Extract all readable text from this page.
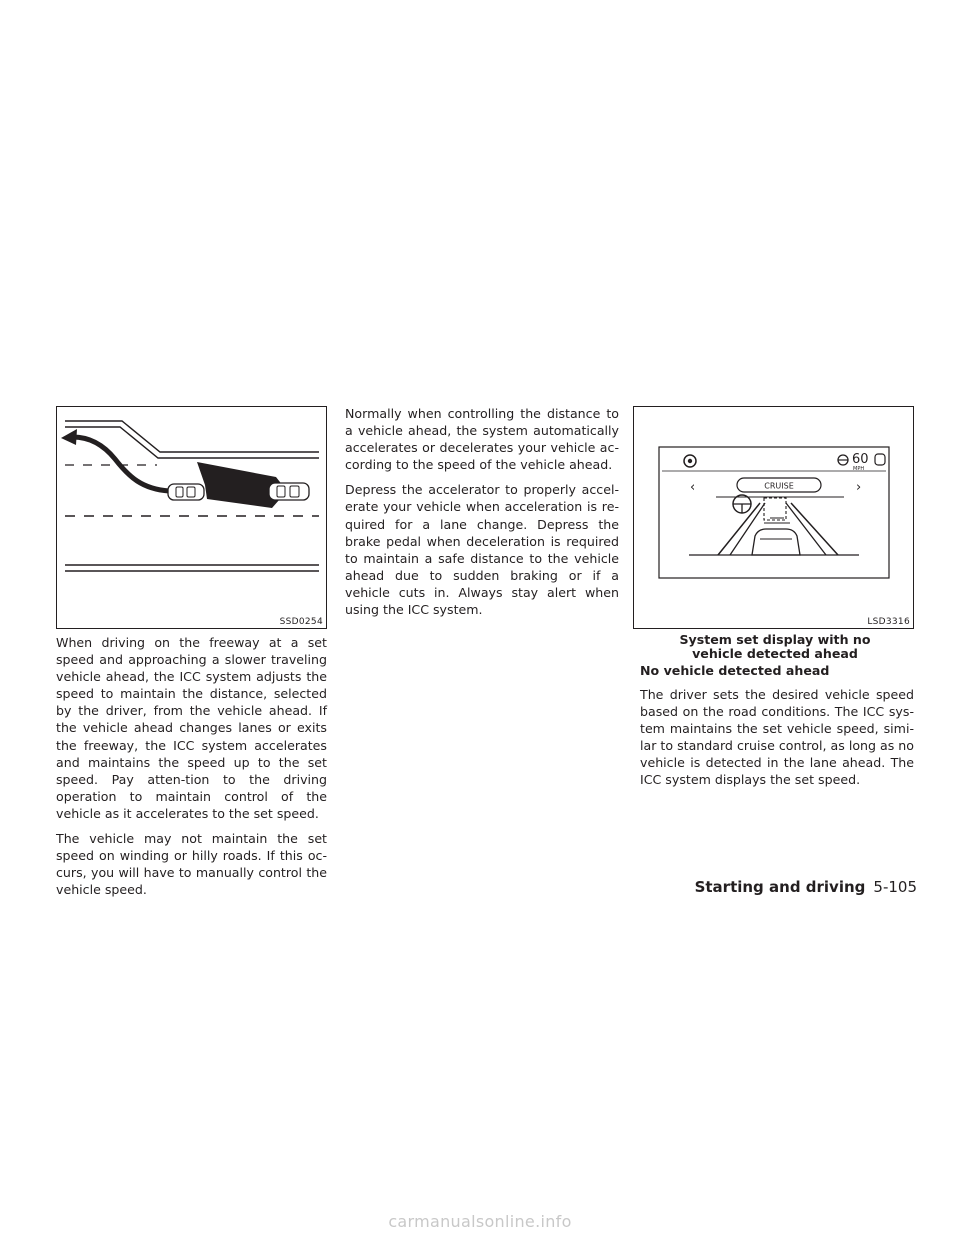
SSD0254

When driving on the freeway at a set speed and approaching a slower traveling vehicle ahead, the ICC system adjusts the speed to maintain the distance, selected by the driver, from the vehicle ahead. If the vehicle ahead changes lanes or exits the freeway, the ICC system accelerates and maintains the speed up to the set speed. Pay atten-tion to the driving operation to maintain control of the vehicle as it accelerates to the set speed.

The vehicle may not maintain the set speed on winding or hilly roads. If this oc-curs, you will have to manually control the vehicle speed.

Normally when controlling the distance to a vehicle ahead, the system automatically accelerates or decelerates your vehicle ac-cording to the speed of the vehicle ahead.

Depress the accelerator to properly accel-erate your vehicle when acceleration is re-quired for a lane change. Depress the brake pedal when deceleration is required to maintain a safe distance to the vehicle ahead due to sudden braking or if a vehicle cuts in. Always stay alert when using the ICC system.

60
MPH
‹	›
CRUISE
LSD3316
System set display with no vehicle detected ahead
No vehicle detected ahead

The driver sets the desired vehicle speed based on the road conditions. The ICC sys-tem maintains the set vehicle speed, simi-lar to standard cruise control, as long as no vehicle is detected in the lane ahead. The ICC system displays the set speed.

Starting and driving 5-105
carmanualsonline.info
